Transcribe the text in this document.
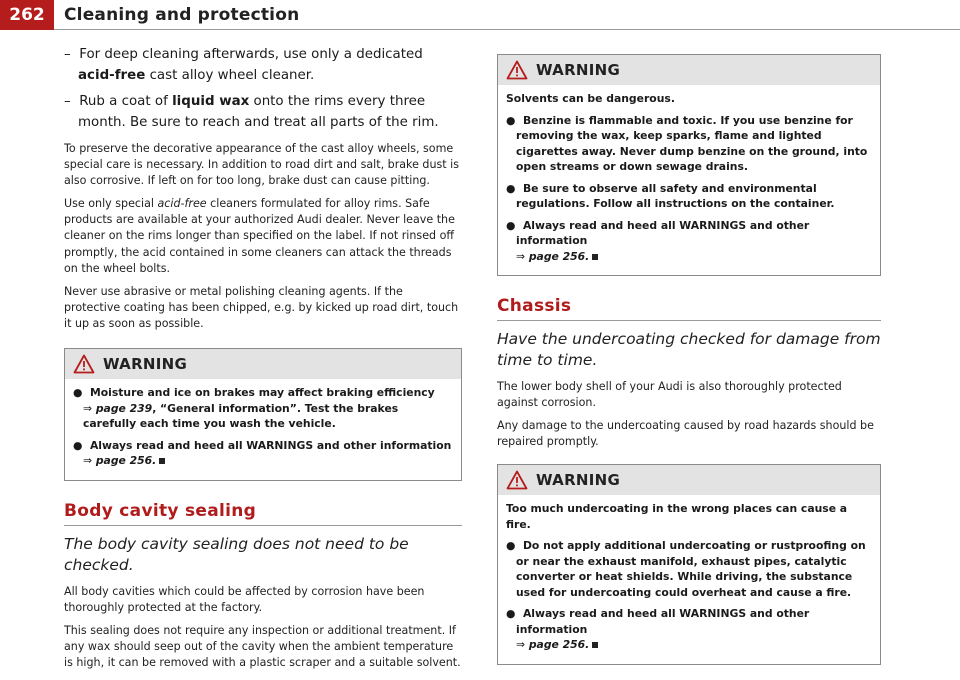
262	Cleaning and protection

–  For deep cleaning afterwards, use only a dedicated acid-free cast alloy wheel cleaner.

–  Rub a coat of liquid wax onto the rims every three month. Be sure to reach and treat all parts of the rim.

To preserve the decorative appearance of the cast alloy wheels, some special care is necessary. In addition to road dirt and salt, brake dust is also corrosive. If left on for too long, brake dust can cause pitting.

Use only special acid-free cleaners formulated for alloy rims. Safe products are available at your authorized Audi dealer. Never leave the cleaner on the rims longer than specified on the label. If not rinsed off promptly, the acid contained in some cleaners can attack the threads on the wheel bolts.

Never use abrasive or metal polishing cleaning agents. If the protective coating has been chipped, e.g. by kicked up road dirt, touch it up as soon as possible.

WARNING

●  Moisture and ice on brakes may affect braking efficiency
⇒ page 239, “General information”. Test the brakes carefully each time you wash the vehicle.

●  Always read and heed all WARNINGS and other information
⇒ page 256.

Body cavity sealing

The body cavity sealing does not need to be checked.

All body cavities which could be affected by corrosion have been thoroughly protected at the factory.

This sealing does not require any inspection or additional treatment. If any wax should seep out of the cavity when the ambient temperature is high, it can be removed with a plastic scraper and a suitable solvent.

WARNING

Solvents can be dangerous.

●  Benzine is flammable and toxic. If you use benzine for removing the wax, keep sparks, flame and lighted cigarettes away. Never dump benzine on the ground, into open streams or down sewage drains.

●  Be sure to observe all safety and environmental regulations. Follow all instructions on the container.

●  Always read and heed all WARNINGS and other information
⇒ page 256.

Chassis

Have the undercoating checked for damage from time to time.

The lower body shell of your Audi is also thoroughly protected against corrosion.

Any damage to the undercoating caused by road hazards should be repaired promptly.

WARNING

Too much undercoating in the wrong places can cause a fire.

●  Do not apply additional undercoating or rustproofing on or near the exhaust manifold, exhaust pipes, catalytic converter or heat shields. While driving, the substance used for undercoating could overheat and cause a fire.

●  Always read and heed all WARNINGS and other information
⇒ page 256.
